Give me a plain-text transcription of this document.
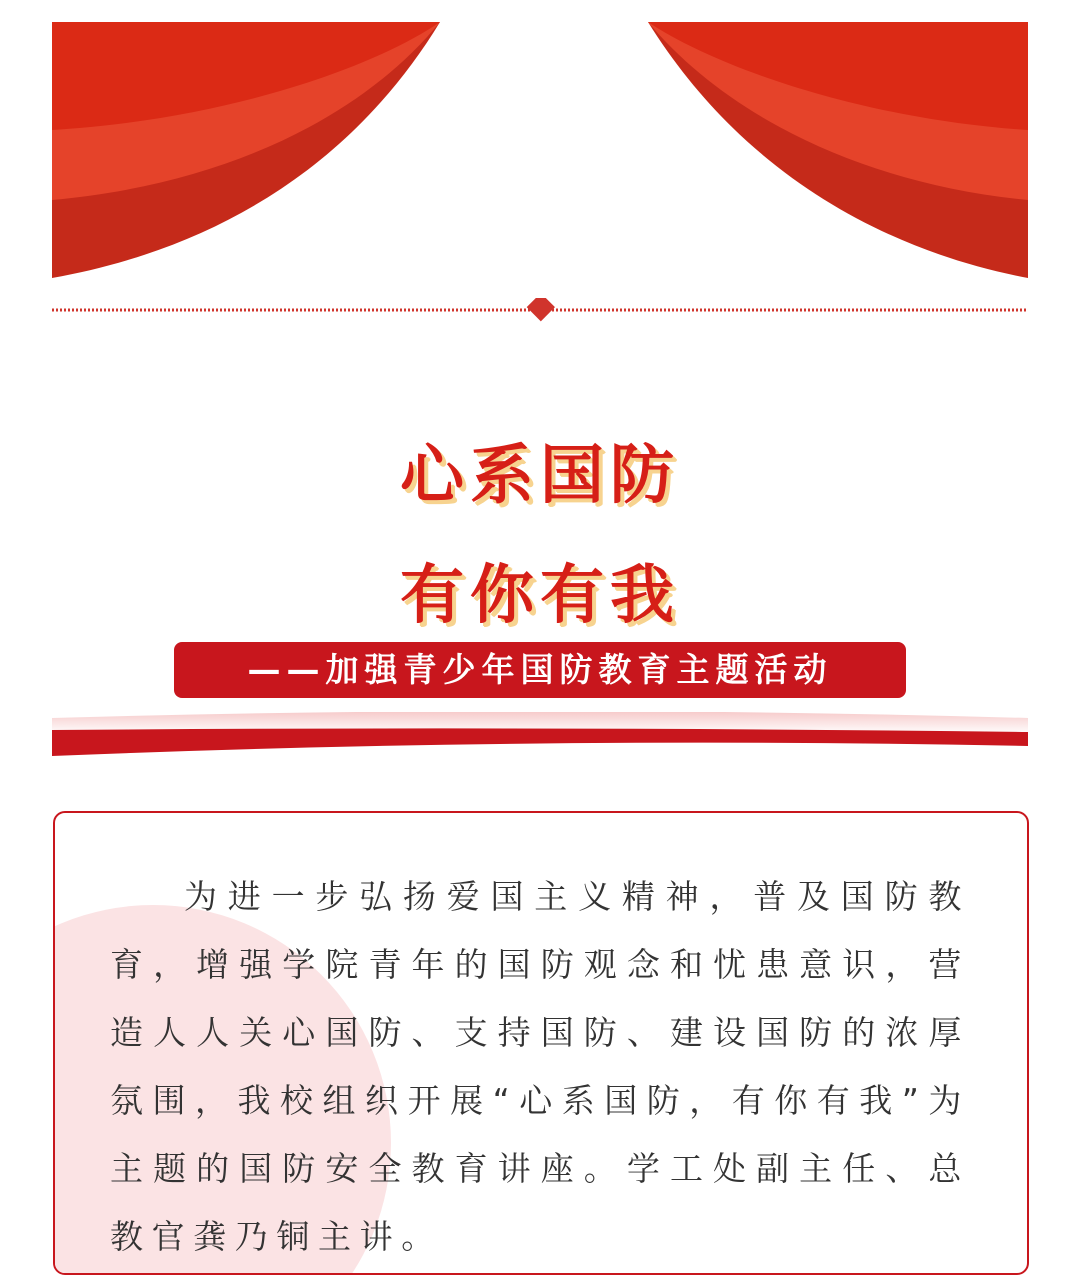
心系国防
有你有我
——加强青少年国防教育主题活动

为进一步弘扬爱国主义精神，普及国防教育，增强学院青年的国防观念和忧患意识，营造人人关心国防、支持国防、建设国防的浓厚氛围，我校组织开展“心系国防，有你有我”为主题的国防安全教育讲座。学工处副主任、总教官龚乃铜主讲。
